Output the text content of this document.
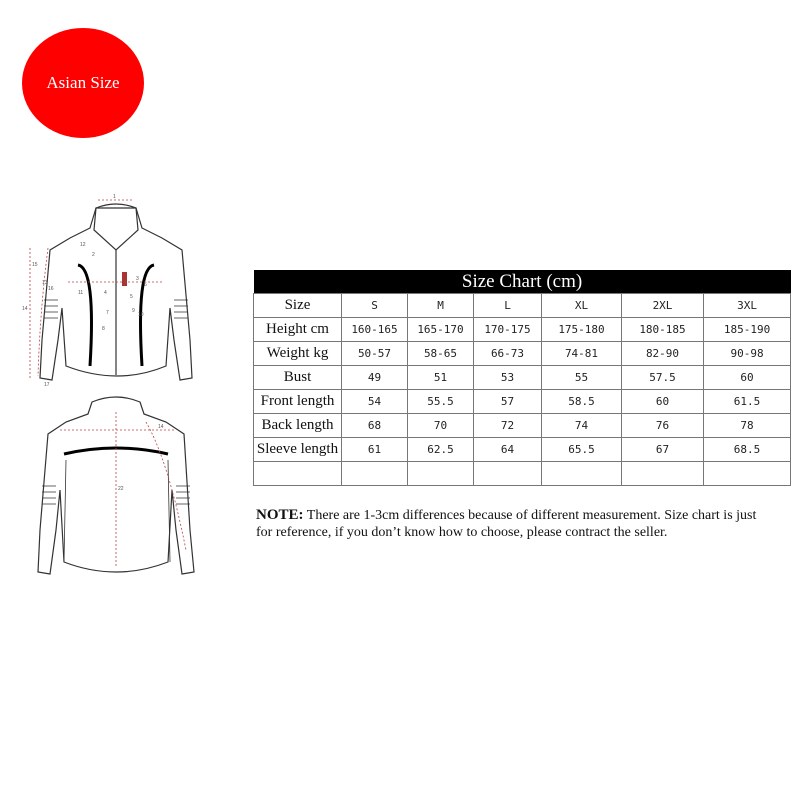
Asian Size
1
2
3
4
5
6
7
8
9
10
11
12
13
14
15
16
17
22
14
Size Chart (cm)						
Size	S	M	L	XL	2XL	3XL
Height cm	160-165	165-170	170-175	175-180	180-185	185-190
Weight kg	50-57	58-65	66-73	74-81	82-90	90-98
Bust	49	51	53	55	57.5	60
Front length	54	55.5	57	58.5	60	61.5
Back length	68	70	72	74	76	78
Sleeve length	61	62.5	64	65.5	67	68.5

NOTE: There are 1-3cm differences because of different measurement. Size chart is just for reference, if you don’t know how to choose, please contract the seller.
